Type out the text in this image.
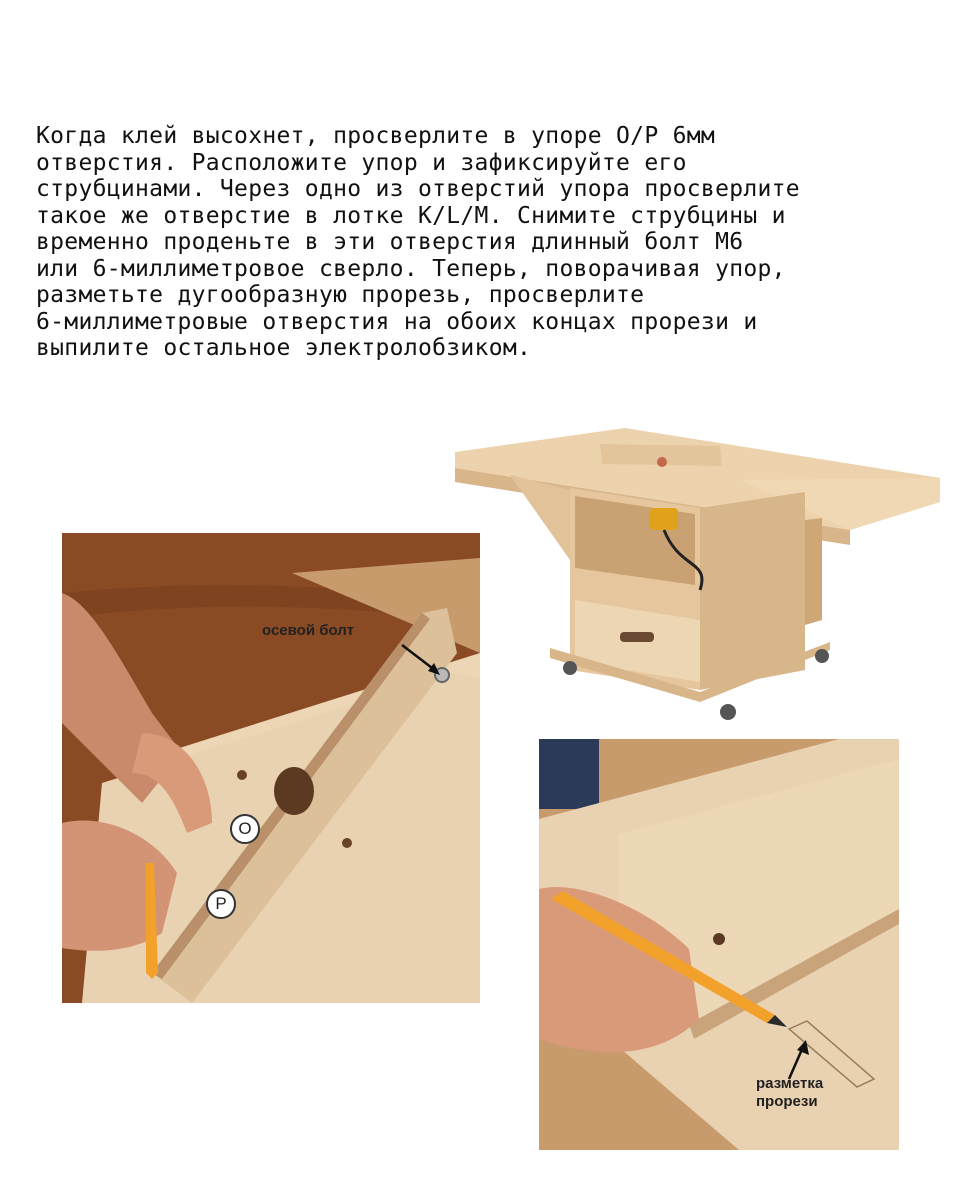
Когда клей высохнет, просверлите в упоре O/P 6мм
отверстия. Расположите упор и зафиксируйте его
струбцинами. Через одно из отверстий упора просверлите
такое же отверстие в лотке K/L/M. Снимите струбцины и
временно проденьте в эти отверстия длинный болт М6
или 6-миллиметровое сверло. Теперь, поворачивая упор,
разметьте дугообразную прорезь, просверлите
6-миллиметровые отверстия на обоих концах прорези и
выпилите остальное электролобзиком.
осевой болт
O
P
разметка
прорези
